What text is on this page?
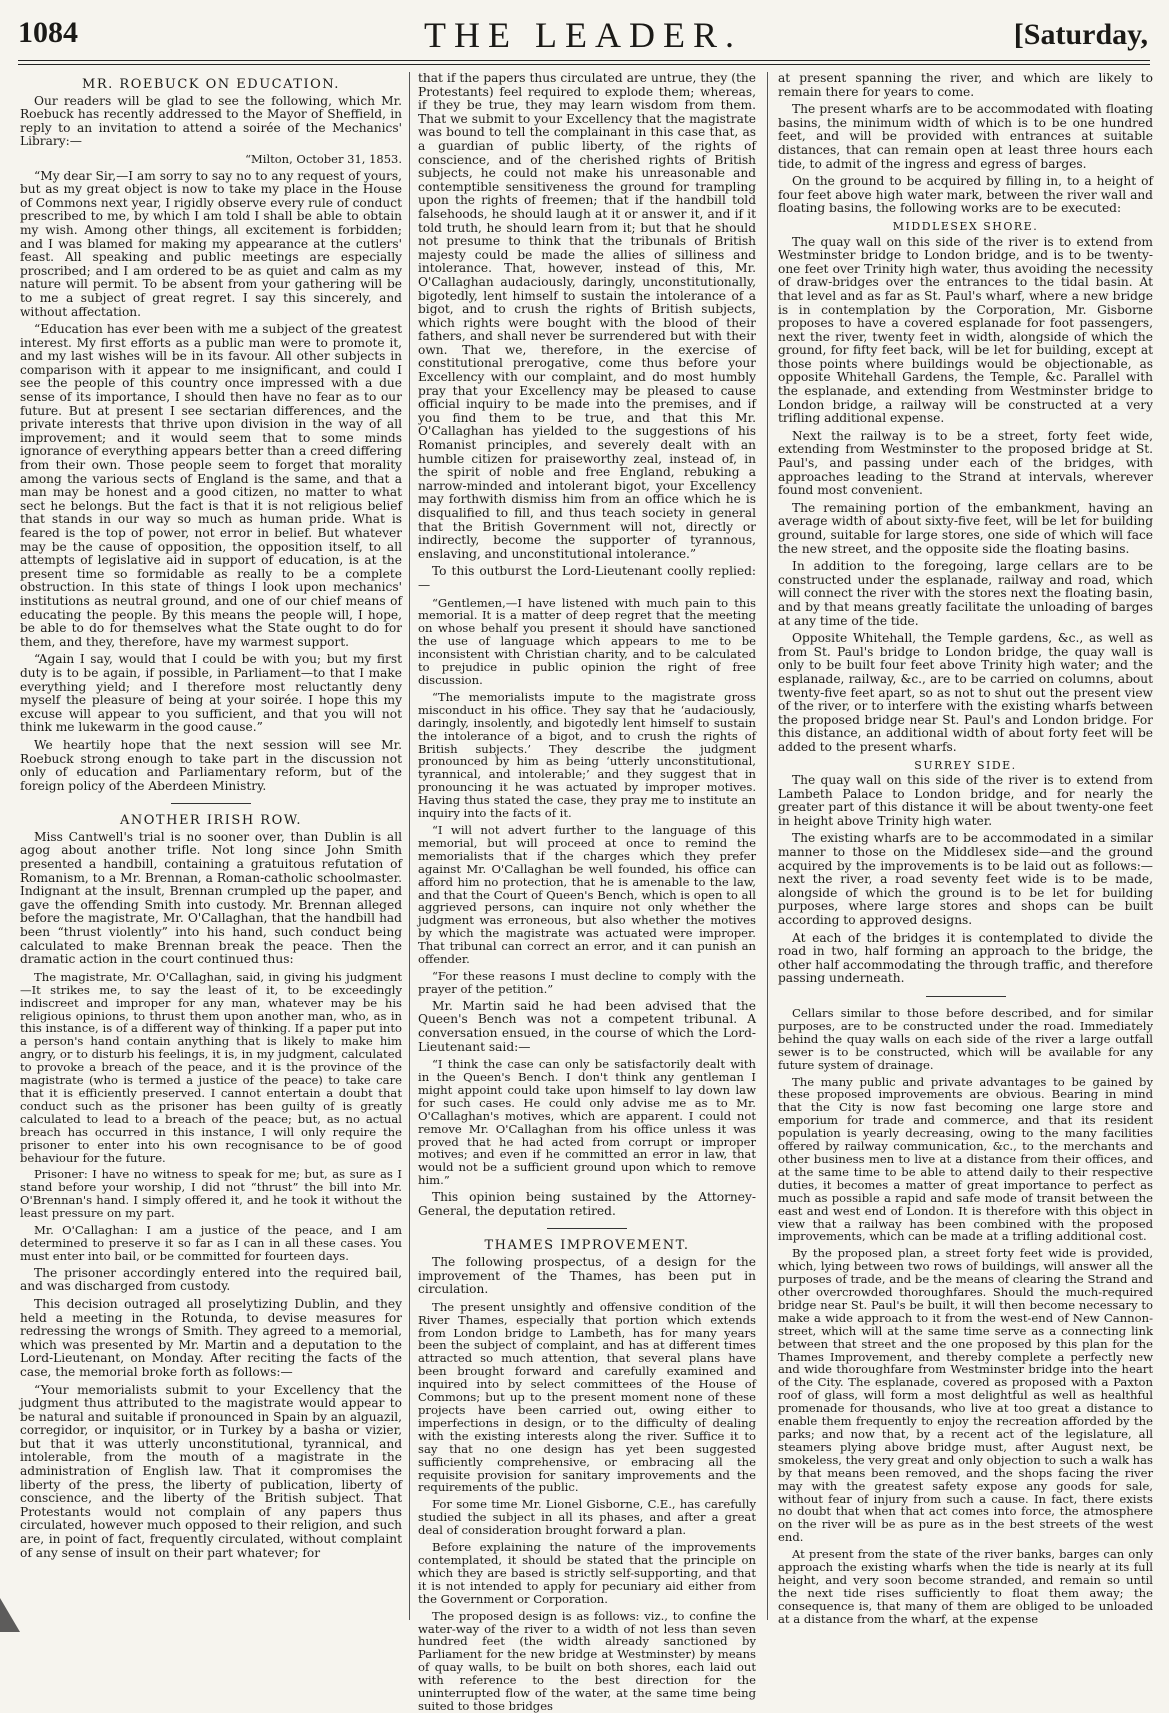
1084	THE LEADER.	[Saturday,
MR. ROEBUCK ON EDUCATION.

Our readers will be glad to see the following, which Mr. Roebuck has recently addressed to the Mayor of Sheffield, in reply to an invitation to attend a soirée of the Mechanics' Library:—

“Milton, October 31, 1853.

“My dear Sir,—I am sorry to say no to any request of yours, but as my great object is now to take my place in the House of Commons next year, I rigidly observe every rule of conduct prescribed to me, by which I am told I shall be able to obtain my wish. Among other things, all excitement is forbidden; and I was blamed for making my appearance at the cutlers' feast. All speaking and public meetings are especially proscribed; and I am ordered to be as quiet and calm as my nature will permit. To be absent from your gathering will be to me a subject of great regret. I say this sincerely, and without affectation.

“Education has ever been with me a subject of the greatest interest. My first efforts as a public man were to promote it, and my last wishes will be in its favour. All other subjects in comparison with it appear to me insignificant, and could I see the people of this country once impressed with a due sense of its importance, I should then have no fear as to our future. But at present I see sectarian differences, and the private interests that thrive upon division in the way of all improvement; and it would seem that to some minds ignorance of everything appears better than a creed differing from their own. Those people seem to forget that morality among the various sects of England is the same, and that a man may be honest and a good citizen, no matter to what sect he belongs. But the fact is that it is not religious belief that stands in our way so much as human pride. What is feared is the top of power, not error in belief. But whatever may be the cause of opposition, the opposition itself, to all attempts of legislative aid in support of education, is at the present time so formidable as really to be a complete obstruction. In this state of things I look upon mechanics' institutions as neutral ground, and one of our chief means of educating the people. By this means the people will, I hope, be able to do for themselves what the State ought to do for them, and they, therefore, have my warmest support.

“Again I say, would that I could be with you; but my first duty is to be again, if possible, in Parliament—to that I make everything yield; and I therefore most reluctantly deny myself the pleasure of being at your soirée. I hope this my excuse will appear to you sufficient, and that you will not think me lukewarm in the good cause.”

We heartily hope that the next session will see Mr. Roebuck strong enough to take part in the discussion not only of education and Parliamentary reform, but of the foreign policy of the Aberdeen Ministry.

ANOTHER IRISH ROW.

Miss Cantwell's trial is no sooner over, than Dublin is all agog about another trifle. Not long since John Smith presented a handbill, containing a gratuitous refutation of Romanism, to a Mr. Brennan, a Roman-catholic schoolmaster. Indignant at the insult, Brennan crumpled up the paper, and gave the offending Smith into custody. Mr. Brennan alleged before the magistrate, Mr. O'Callaghan, that the handbill had been “thrust violently” into his hand, such conduct being calculated to make Brennan break the peace. Then the dramatic action in the court continued thus:

The magistrate, Mr. O'Callaghan, said, in giving his judgment—It strikes me, to say the least of it, to be exceedingly indiscreet and improper for any man, whatever may be his religious opinions, to thrust them upon another man, who, as in this instance, is of a different way of thinking. If a paper put into a person's hand contain anything that is likely to make him angry, or to disturb his feelings, it is, in my judgment, calculated to provoke a breach of the peace, and it is the province of the magistrate (who is termed a justice of the peace) to take care that it is efficiently preserved. I cannot entertain a doubt that conduct such as the prisoner has been guilty of is greatly calculated to lead to a breach of the peace; but, as no actual breach has occurred in this instance, I will only require the prisoner to enter into his own recognisance to be of good behaviour for the future.

Prisoner: I have no witness to speak for me; but, as sure as I stand before your worship, I did not “thrust” the bill into Mr. O'Brennan's hand. I simply offered it, and he took it without the least pressure on my part.

Mr. O'Callaghan: I am a justice of the peace, and I am determined to preserve it so far as I can in all these cases. You must enter into bail, or be committed for fourteen days.

The prisoner accordingly entered into the required bail, and was discharged from custody.

This decision outraged all proselytizing Dublin, and they held a meeting in the Rotunda, to devise measures for redressing the wrongs of Smith. They agreed to a memorial, which was presented by Mr. Martin and a deputation to the Lord-Lieutenant, on Monday. After reciting the facts of the case, the memorial broke forth as follows:—

“Your memorialists submit to your Excellency that the judgment thus attributed to the magistrate would appear to be natural and suitable if pronounced in Spain by an alguazil, corregidor, or inquisitor, or in Turkey by a basha or vizier, but that it was utterly unconstitutional, tyrannical, and intolerable, from the mouth of a magistrate in the administration of English law. That it compromises the liberty of the press, the liberty of publication, liberty of conscience, and the liberty of the British subject. That Protestants would not complain of any papers thus circulated, however much opposed to their religion, and such are, in point of fact, frequently circulated, without complaint of any sense of insult on their part whatever; for

that if the papers thus circulated are untrue, they (the Protestants) feel required to explode them; whereas, if they be true, they may learn wisdom from them. That we submit to your Excellency that the magistrate was bound to tell the complainant in this case that, as a guardian of public liberty, of the rights of conscience, and of the cherished rights of British subjects, he could not make his unreasonable and contemptible sensitiveness the ground for trampling upon the rights of freemen; that if the handbill told falsehoods, he should laugh at it or answer it, and if it told truth, he should learn from it; but that he should not presume to think that the tribunals of British majesty could be made the allies of silliness and intolerance. That, however, instead of this, Mr. O'Callaghan audaciously, daringly, unconstitutionally, bigotedly, lent himself to sustain the intolerance of a bigot, and to crush the rights of British subjects, which rights were bought with the blood of their fathers, and shall never be surrendered but with their own. That we, therefore, in the exercise of constitutional prerogative, come thus before your Excellency with our complaint, and do most humbly pray that your Excellency may be pleased to cause official inquiry to be made into the premises, and if you find them to be true, and that this Mr. O'Callaghan has yielded to the suggestions of his Romanist principles, and severely dealt with an humble citizen for praiseworthy zeal, instead of, in the spirit of noble and free England, rebuking a narrow-minded and intolerant bigot, your Excellency may forthwith dismiss him from an office which he is disqualified to fill, and thus teach society in general that the British Government will not, directly or indirectly, become the supporter of tyrannous, enslaving, and unconstitutional intolerance.”

To this outburst the Lord-Lieutenant coolly replied:—

“Gentlemen,—I have listened with much pain to this memorial. It is a matter of deep regret that the meeting on whose behalf you present it should have sanctioned the use of language which appears to me to be inconsistent with Christian charity, and to be calculated to prejudice in public opinion the right of free discussion.

“The memorialists impute to the magistrate gross misconduct in his office. They say that he ‘audaciously, daringly, insolently, and bigotedly lent himself to sustain the intolerance of a bigot, and to crush the rights of British subjects.’ They describe the judgment pronounced by him as being ‘utterly unconstitutional, tyrannical, and intolerable;’ and they suggest that in pronouncing it he was actuated by improper motives. Having thus stated the case, they pray me to institute an inquiry into the facts of it.

“I will not advert further to the language of this memorial, but will proceed at once to remind the memorialists that if the charges which they prefer against Mr. O'Callaghan be well founded, his office can afford him no protection, that he is amenable to the law, and that the Court of Queen's Bench, which is open to all aggrieved persons, can inquire not only whether the judgment was erroneous, but also whether the motives by which the magistrate was actuated were improper. That tribunal can correct an error, and it can punish an offender.

“For these reasons I must decline to comply with the prayer of the petition.”

Mr. Martin said he had been advised that the Queen's Bench was not a competent tribunal. A conversation ensued, in the course of which the Lord-Lieutenant said:—

“I think the case can only be satisfactorily dealt with in the Queen's Bench. I don't think any gentleman I might appoint could take upon himself to lay down law for such cases. He could only advise me as to Mr. O'Callaghan's motives, which are apparent. I could not remove Mr. O'Callaghan from his office unless it was proved that he had acted from corrupt or improper motives; and even if he committed an error in law, that would not be a sufficient ground upon which to remove him.”

This opinion being sustained by the Attorney-General, the deputation retired.

THAMES IMPROVEMENT.

The following prospectus, of a design for the improvement of the Thames, has been put in circulation.

The present unsightly and offensive condition of the River Thames, especially that portion which extends from London bridge to Lambeth, has for many years been the subject of complaint, and has at different times attracted so much attention, that several plans have been brought forward and carefully examined and inquired into by select committees of the House of Commons; but up to the present moment none of these projects have been carried out, owing either to imperfections in design, or to the difficulty of dealing with the existing interests along the river. Suffice it to say that no one design has yet been suggested sufficiently comprehensive, or embracing all the requisite provision for sanitary improvements and the requirements of the public.

For some time Mr. Lionel Gisborne, C.E., has carefully studied the subject in all its phases, and after a great deal of consideration brought forward a plan.

Before explaining the nature of the improvements contemplated, it should be stated that the principle on which they are based is strictly self-supporting, and that it is not intended to apply for pecuniary aid either from the Government or Corporation.

The proposed design is as follows: viz., to confine the water-way of the river to a width of not less than seven hundred feet (the width already sanctioned by Parliament for the new bridge at Westminster) by means of quay walls, to be built on both shores, each laid out with reference to the best direction for the uninterrupted flow of the water, at the same time being suited to those bridges

at present spanning the river, and which are likely to remain there for years to come.

The present wharfs are to be accommodated with floating basins, the minimum width of which is to be one hundred feet, and will be provided with entrances at suitable distances, that can remain open at least three hours each tide, to admit of the ingress and egress of barges.

On the ground to be acquired by filling in, to a height of four feet above high water mark, between the river wall and floating basins, the following works are to be executed:

MIDDLESEX SHORE.

The quay wall on this side of the river is to extend from Westminster bridge to London bridge, and is to be twenty-one feet over Trinity high water, thus avoiding the necessity of draw-bridges over the entrances to the tidal basin. At that level and as far as St. Paul's wharf, where a new bridge is in contemplation by the Corporation, Mr. Gisborne proposes to have a covered esplanade for foot passengers, next the river, twenty feet in width, alongside of which the ground, for fifty feet back, will be let for building, except at those points where buildings would be objectionable, as opposite Whitehall Gardens, the Temple, &c. Parallel with the esplanade, and extending from Westminster bridge to London bridge, a railway will be constructed at a very trifling additional expense.

Next the railway is to be a street, forty feet wide, extending from Westminster to the proposed bridge at St. Paul's, and passing under each of the bridges, with approaches leading to the Strand at intervals, wherever found most convenient.

The remaining portion of the embankment, having an average width of about sixty-five feet, will be let for building ground, suitable for large stores, one side of which will face the new street, and the opposite side the floating basins.

In addition to the foregoing, large cellars are to be constructed under the esplanade, railway and road, which will connect the river with the stores next the floating basin, and by that means greatly facilitate the unloading of barges at any time of the tide.

Opposite Whitehall, the Temple gardens, &c., as well as from St. Paul's bridge to London bridge, the quay wall is only to be built four feet above Trinity high water; and the esplanade, railway, &c., are to be carried on columns, about twenty-five feet apart, so as not to shut out the present view of the river, or to interfere with the existing wharfs between the proposed bridge near St. Paul's and London bridge. For this distance, an additional width of about forty feet will be added to the present wharfs.

SURREY SIDE.

The quay wall on this side of the river is to extend from Lambeth Palace to London bridge, and for nearly the greater part of this distance it will be about twenty-one feet in height above Trinity high water.

The existing wharfs are to be accommodated in a similar manner to those on the Middlesex side—and the ground acquired by the improvements is to be laid out as follows:—next the river, a road seventy feet wide is to be made, alongside of which the ground is to be let for building purposes, where large stores and shops can be built according to approved designs.

At each of the bridges it is contemplated to divide the road in two, half forming an approach to the bridge, the other half accommodating the through traffic, and therefore passing underneath.

Cellars similar to those before described, and for similar purposes, are to be constructed under the road. Immediately behind the quay walls on each side of the river a large outfall sewer is to be constructed, which will be available for any future system of drainage.

The many public and private advantages to be gained by these proposed improvements are obvious. Bearing in mind that the City is now fast becoming one large store and emporium for trade and commerce, and that its resident population is yearly decreasing, owing to the many facilities offered by railway communication, &c., to the merchants and other business men to live at a distance from their offices, and at the same time to be able to attend daily to their respective duties, it becomes a matter of great importance to perfect as much as possible a rapid and safe mode of transit between the east and west end of London. It is therefore with this object in view that a railway has been combined with the proposed improvements, which can be made at a trifling additional cost.

By the proposed plan, a street forty feet wide is provided, which, lying between two rows of buildings, will answer all the purposes of trade, and be the means of clearing the Strand and other overcrowded thoroughfares. Should the much-required bridge near St. Paul's be built, it will then become necessary to make a wide approach to it from the west-end of New Cannon-street, which will at the same time serve as a connecting link between that street and the one proposed by this plan for the Thames Improvement, and thereby complete a perfectly new and wide thoroughfare from Westminster bridge into the heart of the City. The esplanade, covered as proposed with a Paxton roof of glass, will form a most delightful as well as healthful promenade for thousands, who live at too great a distance to enable them frequently to enjoy the recreation afforded by the parks; and now that, by a recent act of the legislature, all steamers plying above bridge must, after August next, be smokeless, the very great and only objection to such a walk has by that means been removed, and the shops facing the river may with the greatest safety expose any goods for sale, without fear of injury from such a cause. In fact, there exists no doubt that when that act comes into force, the atmosphere on the river will be as pure as in the best streets of the west end.

At present from the state of the river banks, barges can only approach the existing wharfs when the tide is nearly at its full height, and very soon become stranded, and remain so until the next tide rises sufficiently to float them away; the consequence is, that many of them are obliged to be unloaded at a distance from the wharf, at the expense
